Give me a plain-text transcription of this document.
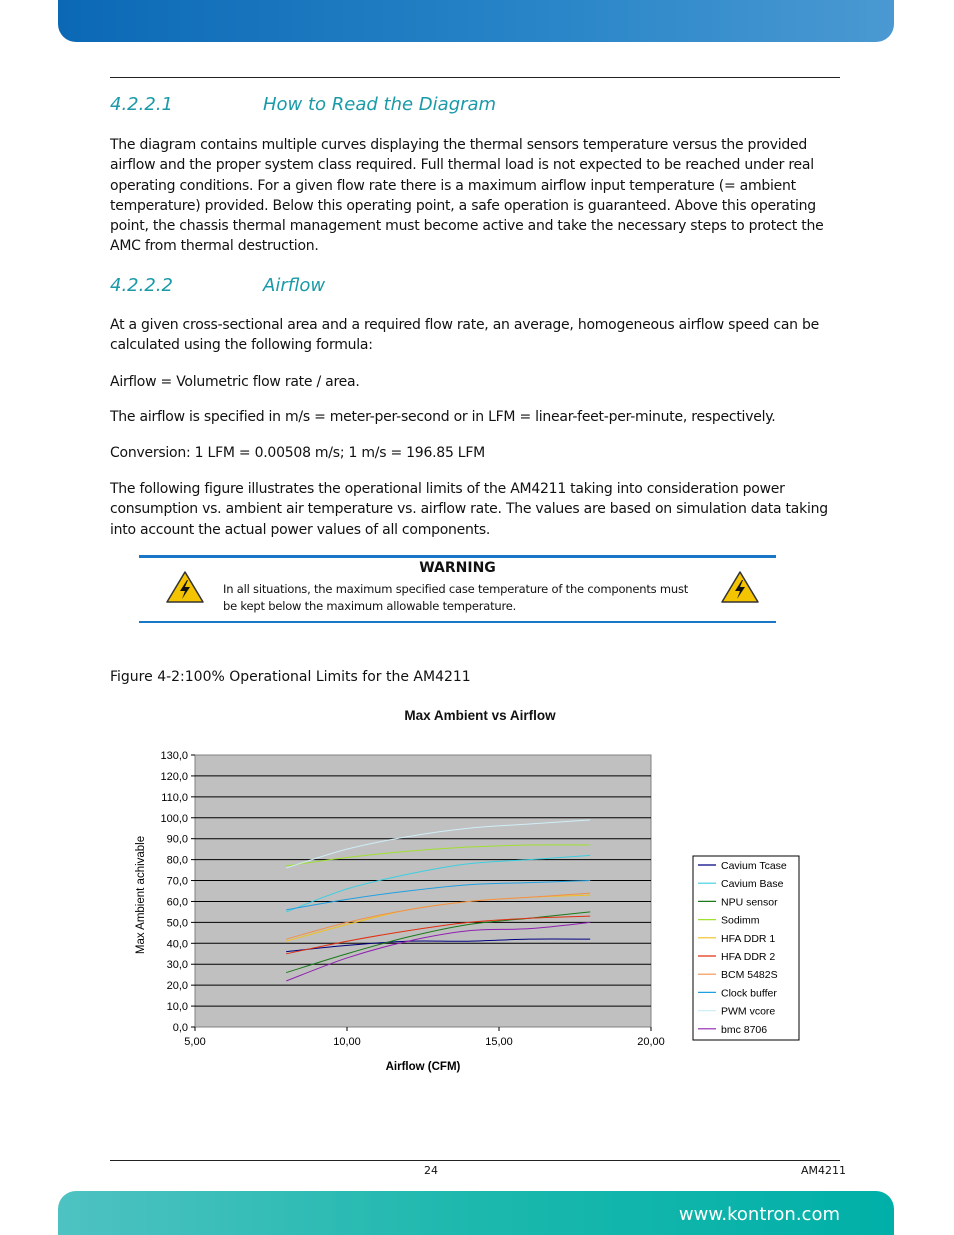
4.2.2.1	How to Read the Diagram
The diagram contains multiple curves displaying the thermal sensors temperature versus the provided airflow and the proper system class required. Full thermal load is not expected to be reached under real operating conditions. For a given flow rate there is a maximum airflow input temperature (= ambient temperature) provided. Below this operating point, a safe operation is guaranteed. Above this operating point, the chassis thermal management must become active and take the necessary steps to protect the AMC from thermal destruction.
4.2.2.2	Airflow
At a given cross-sectional area and a required flow rate, an average, homogeneous airflow speed can be calculated using the following formula:
Airflow = Volumetric flow rate / area.
The airflow is specified in m/s = meter-per-second or in LFM = linear-feet-per-minute, respectively.
Conversion: 1 LFM = 0.00508 m/s; 1 m/s = 196.85 LFM
The following figure illustrates the operational limits of the AM4211 taking into consideration power consumption vs. ambient air temperature vs. airflow rate. The values are based on simulation data taking into account the actual power values of all components.
WARNING
In all situations, the maximum specified case temperature of the components must be kept below the maximum allowable temperature.
Figure 4-2:100% Operational Limits for the AM4211
Max Ambient vs Airflow
0,0
10,0
20,0
30,0
40,0
50,0
60,0
70,0
80,0
90,0
100,0
110,0
120,0
130,0
5,00	10,00	15,00	20,00
Airflow (CFM)
Max Ambient achivable	Cavium Tcase
Cavium Base
NPU sensor
Sodimm
HFA DDR 1
HFA DDR 2
BCM 5482S
Clock buffer
PWM vcore
bmc 8706
24	AM4211
www.kontron.com
